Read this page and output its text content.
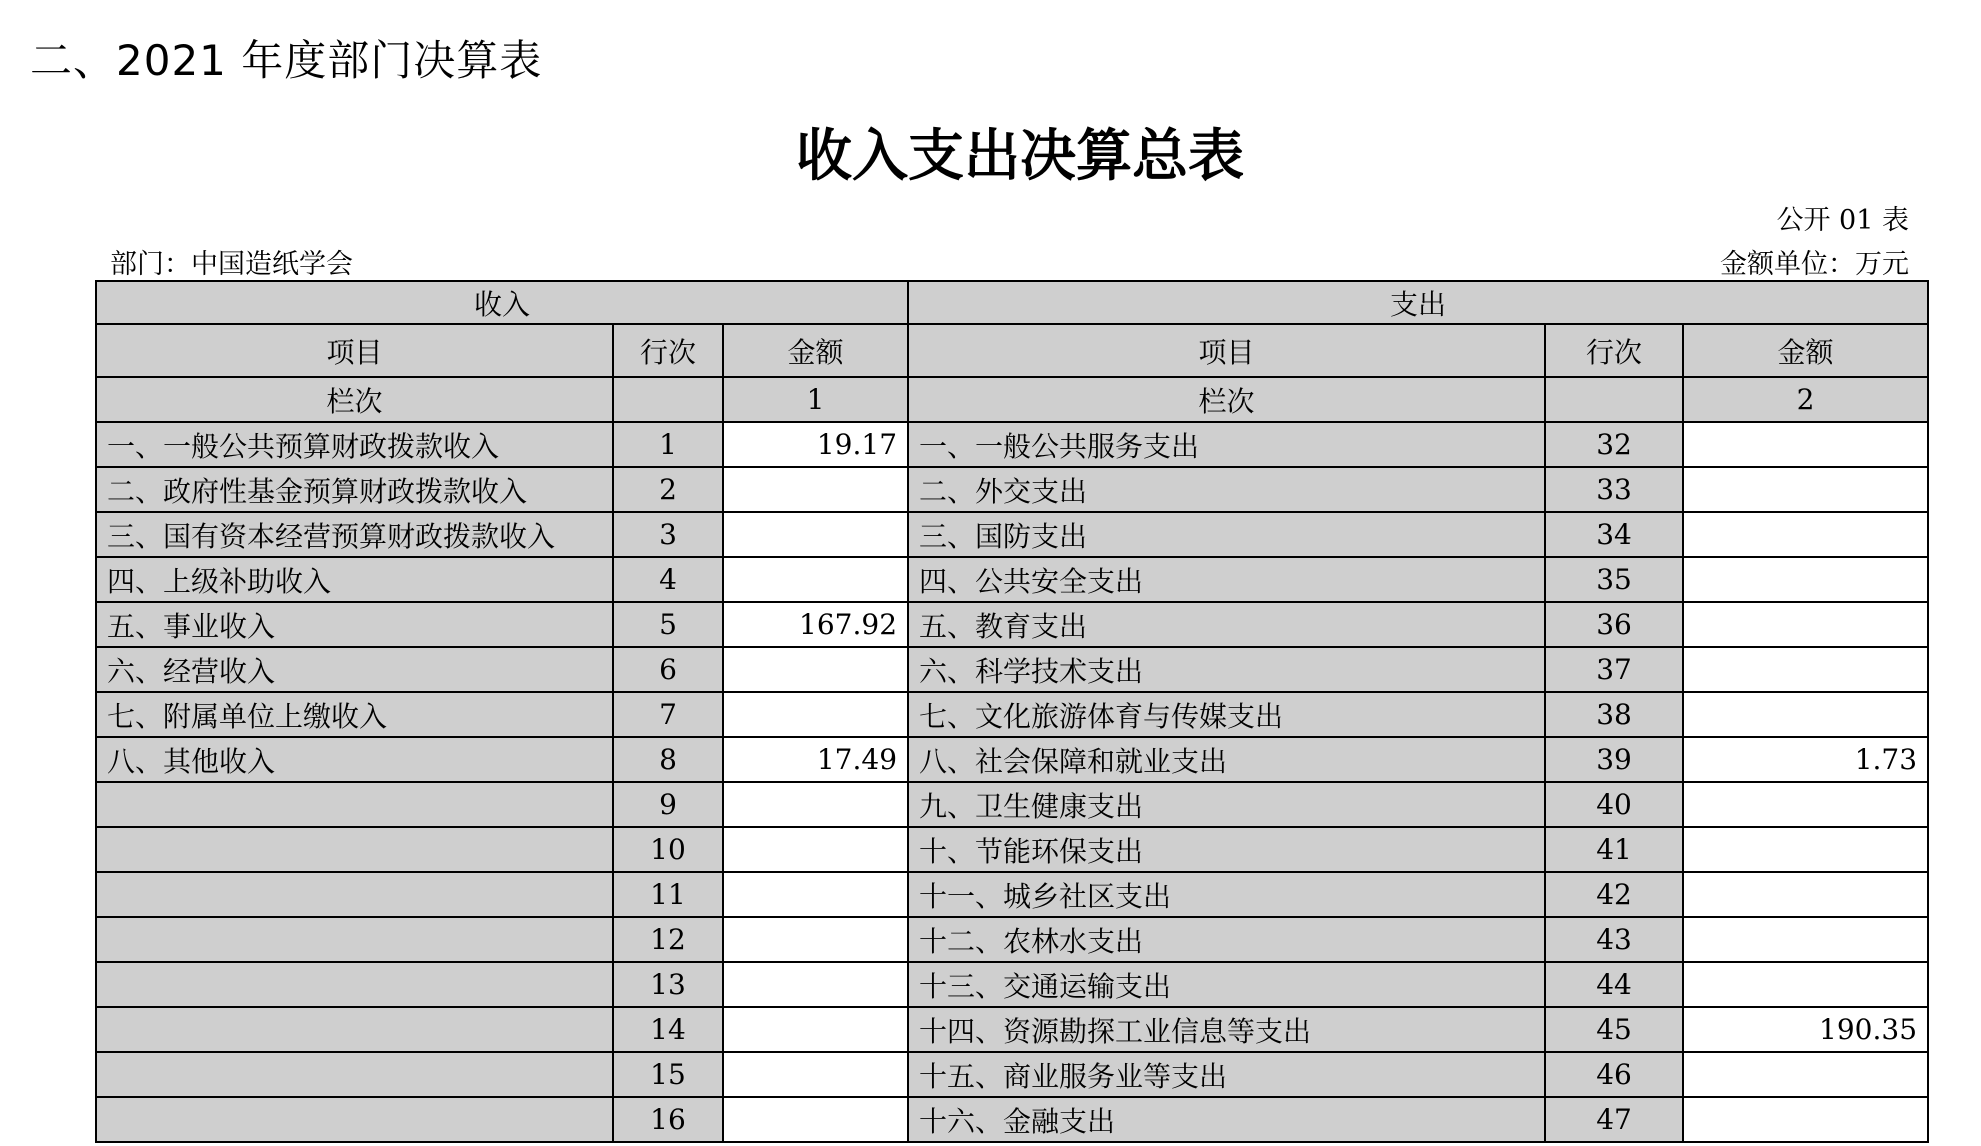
二、2021 年度部门决算表
收入支出决算总表
公开 01 表
部门：中国造纸学会	金额单位：万元
收入			支出		
项目	行次	金额	项目	行次	金额
栏次		1	栏次		2
一、一般公共预算财政拨款收入	1	19.17	一、一般公共服务支出	32	
二、政府性基金预算财政拨款收入	2		二、外交支出	33	
三、国有资本经营预算财政拨款收入	3		三、国防支出	34	
四、上级补助收入	4		四、公共安全支出	35	
五、事业收入	5	167.92	五、教育支出	36	
六、经营收入	6		六、科学技术支出	37	
七、附属单位上缴收入	7		七、文化旅游体育与传媒支出	38	
八、其他收入	8	17.49	八、社会保障和就业支出	39	1.73
	9		九、卫生健康支出	40	
	10		十、节能环保支出	41	
	11		十一、城乡社区支出	42	
	12		十二、农林水支出	43	
	13		十三、交通运输支出	44	
	14		十四、资源勘探工业信息等支出	45	190.35
	15		十五、商业服务业等支出	46	
	16		十六、金融支出	47	
